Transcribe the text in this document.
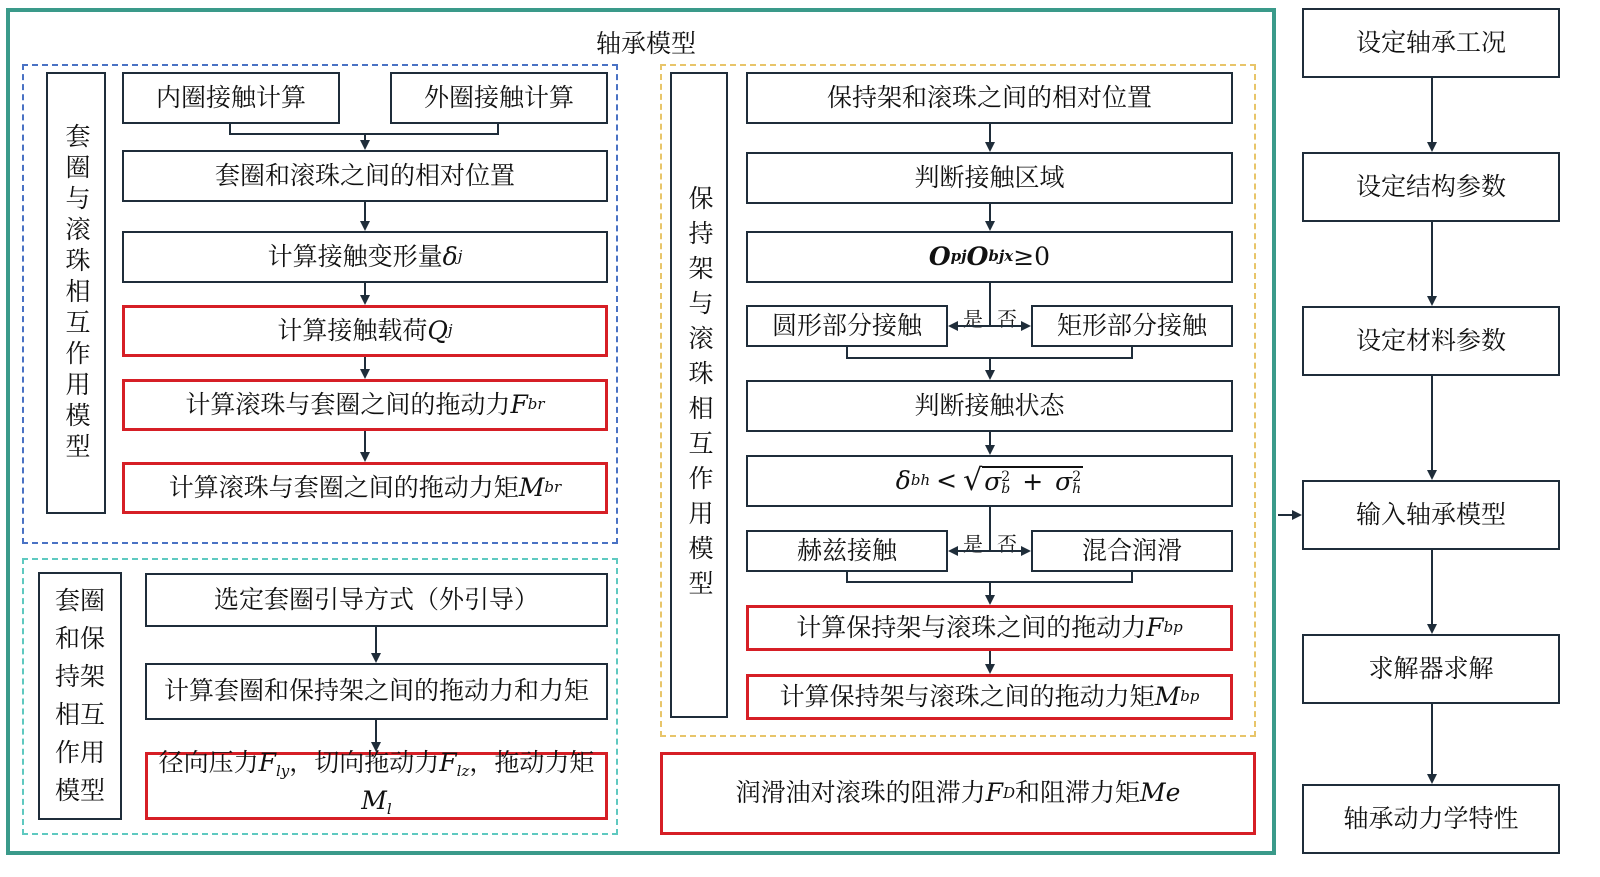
轴承模型
套圈与滚珠相互作用模型
内圈接触计算	外圈接触计算
套圈和滚珠之间的相对位置
计算接触变形量 δ j
计算接触载荷 Q j
计算滚珠与套圈之间的拖动力 F br
计算滚珠与套圈之间的拖动力矩 M br
套圈和保持架相互作用模型
选定套圈引导方式（外引导）
计算套圈和保持架之间的拖动力和力矩
径向压力$F_{ly}$，切向拖动力$F_{lz}$，拖动力矩$M_l$
保持架与滚珠相互作用模型
保持架和滚珠之间的相对位置
判断接触区域
O pj O bjx ≥0
圆形部分接触	矩形部分接触
是 否
判断接触状态
δ bh < √ σ 2
b + σ 2
h
赫兹接触	混合润滑
是 否
计算保持架与滚珠之间的拖动力 F bp
计算保持架与滚珠之间的拖动力矩 M bp
润滑油对滚珠的阻滞力 F D 和阻滞力矩 Me
设定轴承工况
设定结构参数
设定材料参数
输入轴承模型
求解器求解
轴承动力学特性
